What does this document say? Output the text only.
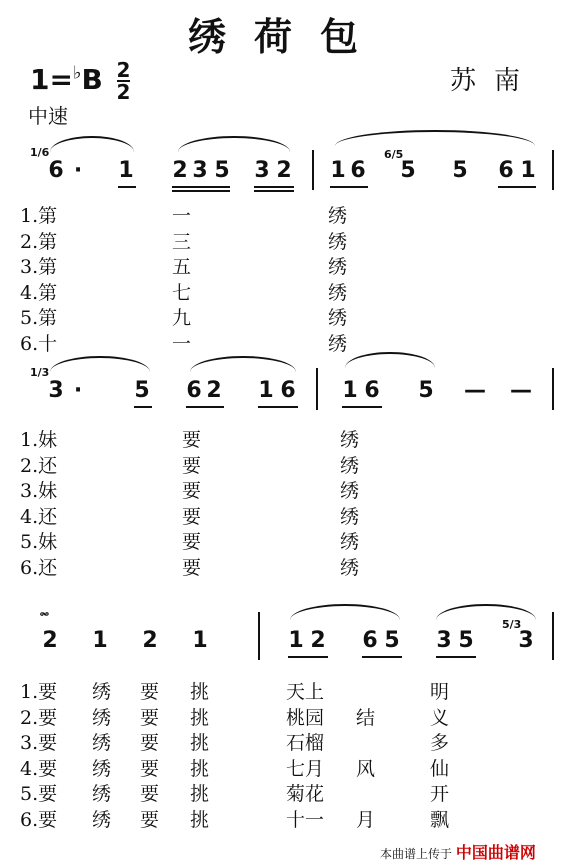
绣荷包
$1=^♭B \frac{2}{2}$	苏南
中速
1/6
6 · 1 2 3 5 3 2 1 6
6/5
5 5 6 1
1.第
2.第
3.第
4.第
5.第
6.十
一
三
五
七
九
一
绣
绣
绣
绣
绣
绣
1/3
3 · 5 6 2 1 6 1 6 5 — —
1.妹
2.还
3.妹
4.还
5.妹
6.还
要
要
要
要
要
要
绣
绣
绣
绣
绣
绣
𝆗
2 1 2 1	1 2 6 5 3 5
5/3
3
1.要
2.要
3.要
4.要
5.要
6.要
绣
绣
绣
绣
绣
绣
要
要
要
要
要
要
挑
挑
挑
挑
挑
挑
天上
桃园
石榴
七月
菊花
十一
结
风
月
明
义
多
仙
开
飘
本曲谱上传于 中国曲谱网
